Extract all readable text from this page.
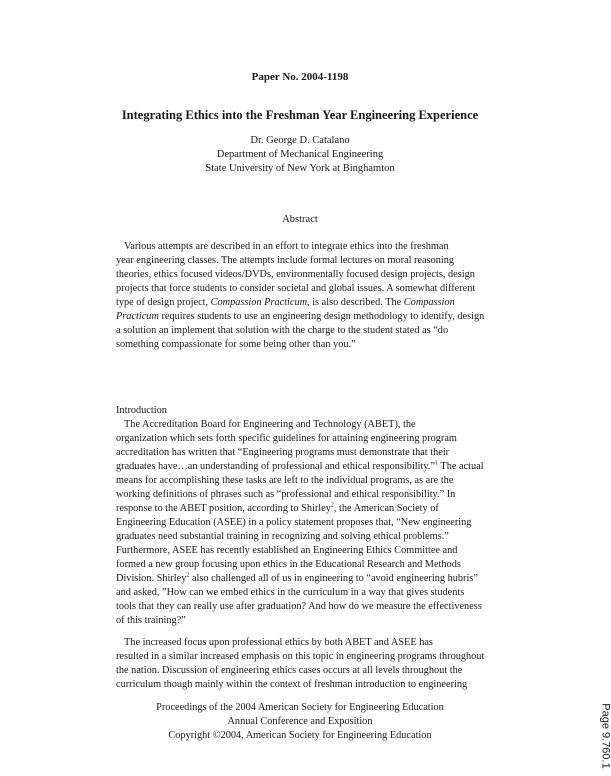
Paper No. 2004-1198
Integrating Ethics into the Freshman Year Engineering Experience
Dr. George D. Catalano
Department of Mechanical Engineering
State University of New York at Binghamton
Abstract
Various attempts are described in an effort to integrate ethics into the freshman
year engineering classes. The attempts include formal lectures on moral reasoning
theories, ethics focused videos/DVDs, environmentally focused design projects, design
projects that force students to consider societal and global issues. A somewhat different
type of design project, Compassion Practicum, is also described. The Compassion
Practicum requires students to use an engineering design methodology to identify, design
a solution an implement that solution with the charge to the student stated as “do
something compassionate for some being other than you.”
Introduction
The Accreditation Board for Engineering and Technology (ABET), the
organization which sets forth specific guidelines for attaining engineering program
accreditation has written that “Engineering programs must demonstrate that their
graduates have…an understanding of professional and ethical responsibility.”$^1$ The actual
means for accomplishing these tasks are left to the individual programs, as are the
working definitions of phrases such as “professional and ethical responsibility.” In
response to the ABET position, according to Shirley$^2$, the American Society of
Engineering Education (ASEE) in a policy statement proposes that, “New engineering
graduates need substantial training in recognizing and solving ethical problems.”
Furthermore, ASEE has recently established an Engineering Ethics Committee and
formed a new group focusing upon ethics in the Educational Research and Methods
Division. Shirley$^2$ also challenged all of us in engineering to “avoid engineering hubris”
and asked, ”How can we embed ethics in the curriculum in a way that gives students
tools that they can really use after graduation? And how do we measure the effectiveness
of this training?”
The increased focus upon professional ethics by both ABET and ASEE has
resulted in a similar increased emphasis on this topic in engineering programs throughout
the nation. Discussion of engineering ethics cases occurs at all levels throughout the
curriculum though mainly within the context of freshman introduction to engineering
Proceedings of the 2004 American Society for Engineering Education
Annual Conference and Exposition
Copyright ©2004, American Society for Engineering Education	Page 9.760.1
